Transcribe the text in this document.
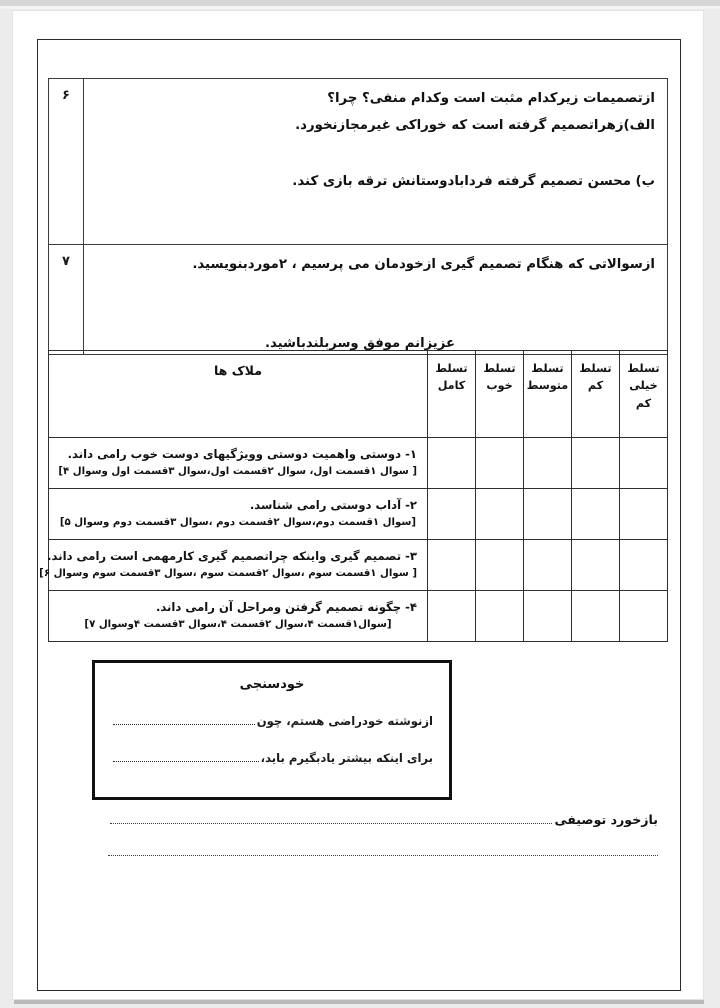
ازتصمیمات زیرکدام مثبت است وکدام منفی؟ چرا؟
الف)زهراتصمیم گرفته است که خوراکی غیرمجازنخورد.
ب) محسن تصمیم گرفته فردابادوستانش ترقه بازی کند.	۶

ازسوالاتی که هنگام تصمیم گیری ازخودمان می پرسیم ، ۲موردبنویسید.	۷
عزیزانم موفق وسربلندباشید.
تسلط خیلی کم	تسلط کم	تسلط متوسط	تسلط خوب	تسلط کامل	ملاک ها

					۱- دوستی واهمیت دوستی وویژگیهای دوست خوب رامی داند.
[ سوال ۱قسمت اول، سوال ۲قسمت اول،سوال ۳قسمت اول وسوال ۴]

					۲- آداب دوستی رامی شناسد.
[سوال ۱قسمت دوم،سوال ۲قسمت دوم ،سوال ۳قسمت دوم وسوال ۵]

					۳- تصمیم گیری واینکه چراتصمیم گیری کارمهمی است رامی داند.
[ سوال ۱قسمت سوم ،سوال ۲قسمت سوم ،سوال ۳قسمت سوم وسوال ۶]

					۴- چگونه تصمیم گرفتن ومراحل آن رامی داند.
[سوال۱قسمت ۴،سوال ۲قسمت ۴،سوال ۳قسمت ۴وسوال ۷]
خودسنجی
ازنوشته خودراضی هستم، چون
برای اینکه بیشتر یادبگیرم باید،
بازخورد توصیفی
